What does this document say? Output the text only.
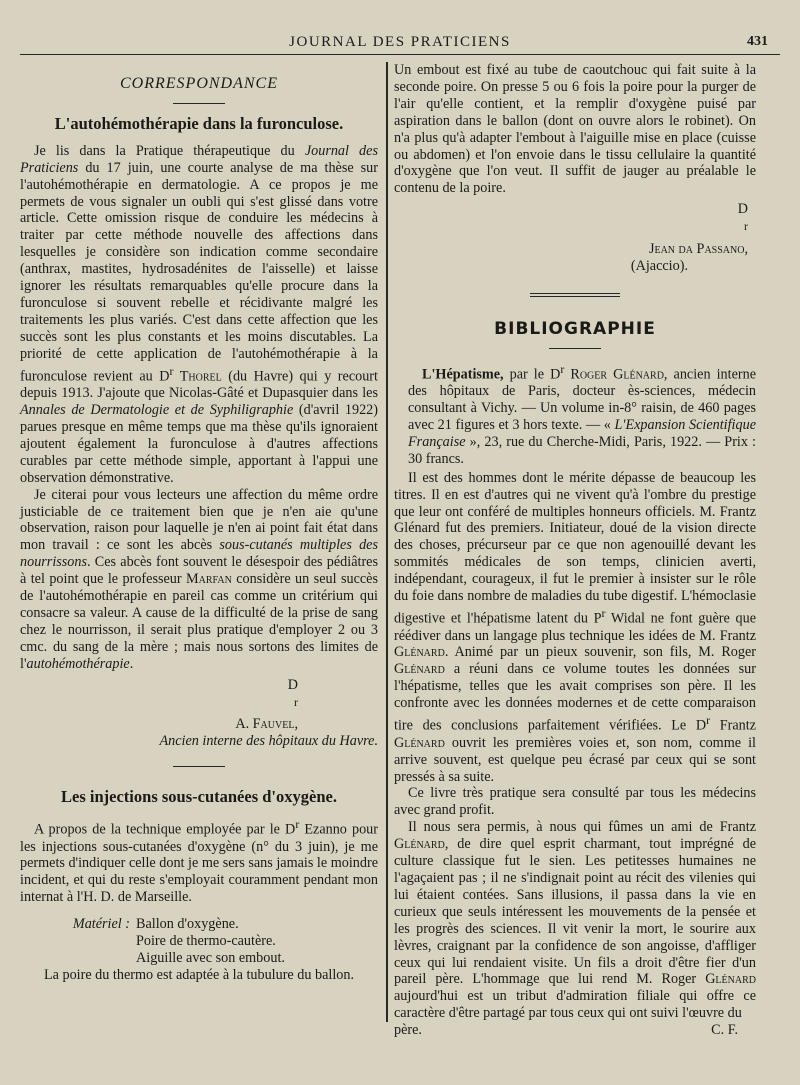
JOURNAL DES PRATICIENS	431
CORRESPONDANCE
L'autohémothérapie dans la furonculose.

Je lis dans la Pratique thérapeutique du Journal des Praticiens du 17 juin, une courte analyse de ma thèse sur l'autohémothérapie en dermatologie. A ce propos je me permets de vous signaler un oubli qui s'est glissé dans votre article. Cette omission risque de conduire les médecins à traiter par cette méthode nouvelle des affections dans lesquelles je considère son indication comme secondaire (anthrax, mastites, hydrosadénites de l'aisselle) et laisse ignorer les résultats remarquables qu'elle procure dans la furonculose si souvent rebelle et récidivante malgré les traitements les plus variés. C'est dans cette affection que les succès sont les plus constants et les moins discutables. La priorité de cette application de l'autohémothérapie à la furonculose revient au $D^r$ Thorel (du Havre) qui y recourt depuis 1913. J'ajoute que Nicolas-Gâté et Dupasquier dans les Annales de Dermatologie et de Syphiligraphie (d'avril 1922) parues presque en même temps que ma thèse qu'ils ignoraient ajoutent également la furonculose à d'autres affections curables par cette méthode simple, apportant à l'appui une observation démonstrative.

Je citerai pour vous lecteurs une affection du même ordre justiciable de ce traitement bien que je n'en aie qu'une observation, raison pour laquelle je n'en ai point fait état dans mon travail : ce sont les abcès sous-cutanés multiples des nourrissons. Ces abcès font souvent le désespoir des pédiâtres à tel point que le professeur Marfan considère un seul succès de l'autohémothérapie en pareil cas comme un critérium qui consacre sa valeur. A cause de la difficulté de la prise de sang chez le nourrisson, il serait plus pratique d'employer 2 ou 3 cmc. du sang de la mère ; mais nous sortons des limites de l'autohémothérapie.

D
$^r$
A. Fauvel,
Ancien interne des hôpitaux du Havre.
Les injections sous-cutanées d'oxygène.

A propos de la technique employée par le $D^r$ Ezanno pour les injections sous-cutanées d'oxygène (n° du 3 juin), je me permets d'indiquer celle dont je me sers sans jamais le moindre incident, et qui du reste s'employait couramment pendant mon internat à l'H. D. de Marseille.

Matériel : Ballon d'oxygène.
Poire de thermo-cautère.
Aiguille avec son embout.
La poire du thermo est adaptée à la tubulure du ballon.

Un embout est fixé au tube de caoutchouc qui fait suite à la seconde poire. On presse 5 ou 6 fois la poire pour la purger de l'air qu'elle contient, et la remplir d'oxygène puisé par aspiration dans le ballon (dont on ouvre alors le robinet). On n'a plus qu'à adapter l'embout à l'aiguille mise en place (cuisse ou abdomen) et l'on envoie dans le tissu cellulaire la quantité d'oxygène que l'on veut. Il suffit de jauger au préalable le contenu de la poire.

D
$^r$
Jean da Passano,
(Ajaccio).
BIBLIOGRAPHIE

L'Hépatisme, par le $D^r$ Roger Glénard, ancien interne des hôpitaux de Paris, docteur ès-sciences, médecin consultant à Vichy. — Un volume in-8° raisin, de 460 pages avec 21 figures et 3 hors texte. — « L'Expansion Scientifique Française », 23, rue du Cherche-Midi, Paris, 1922. — Prix : 30 francs.

Il est des hommes dont le mérite dépasse de beaucoup les titres. Il en est d'autres qui ne vivent qu'à l'ombre du prestige que leur ont conféré de multiples honneurs officiels. M. Frantz Glénard fut des premiers. Initiateur, doué de la vision directe des choses, précurseur par ce que non agenouillé devant les sommités médicales de son temps, clinicien averti, indépendant, courageux, il fut le premier à insister sur le rôle du foie dans nombre de maladies du tube digestif. L'hémoclasie digestive et l'hépatisme latent du $P^r$ Widal ne font guère que réédiver dans un langage plus technique les idées de M. Frantz Glénard. Animé par un pieux souvenir, son fils, M. Roger Glénard a réuni dans ce volume toutes les données sur l'hépatisme, telles que les avait comprises son père. Il les confronte avec les données modernes et de cette comparaison tire des conclusions parfaitement vérifiées. Le $D^r$ Frantz Glénard ouvrit les premières voies et, son nom, comme il arrive souvent, est quelque peu écrasé par ceux qui se sont pressés à sa suite.

Ce livre très pratique sera consulté par tous les médecins avec grand profit.

Il nous sera permis, à nous qui fûmes un ami de Frantz Glénard, de dire quel esprit charmant, tout imprégné de culture classique fut le sien. Les petitesses humaines ne l'agaçaient pas ; il ne s'indignait point au récit des vilenies qui lui étaient contées. Sans illusions, il passa dans la vie en curieux que seuls intéressent les mouvements de la pensée et les progrès des sciences. Il vit venir la mort, le sourire aux lèvres, craignant par la confidence de son angoisse, d'affliger ceux qui lui rendaient visite. Un fils a droit d'être fier d'un pareil père. L'hommage que lui rend M. Roger Glénard aujourd'hui est un tribut d'admiration filiale qui offre ce caractère d'être partagé par tous ceux qui ont suivi l'œuvre du

père.	C. F.
